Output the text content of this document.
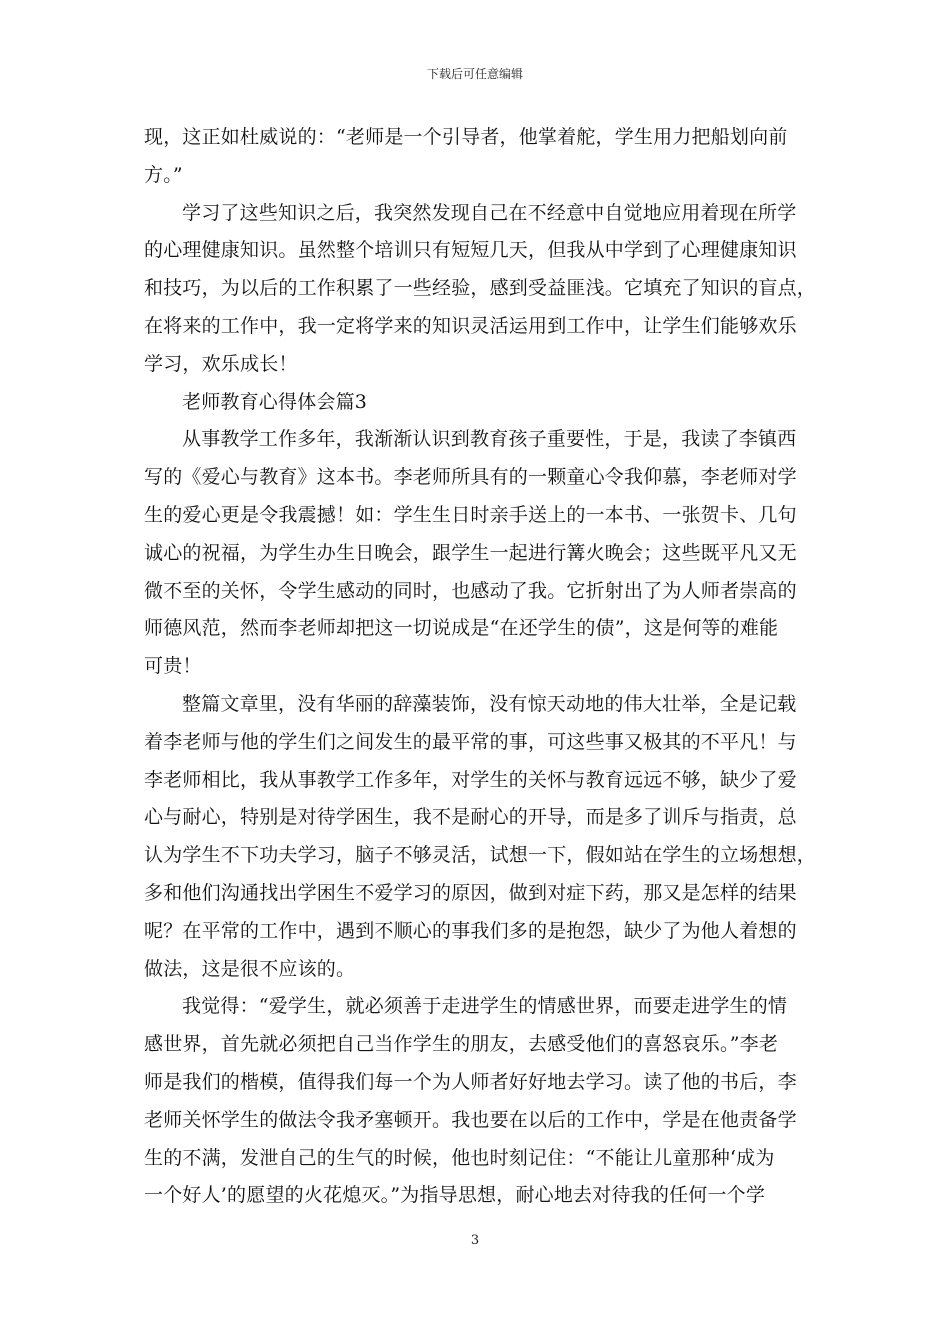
下载后可任意编辑
现，这正如杜威说的：“老师是一个引导者，他掌着舵，学生用力把船划向前
方。”
学习了这些知识之后，我突然发现自己在不经意中自觉地应用着现在所学
的心理健康知识。虽然整个培训只有短短几天，但我从中学到了心理健康知识
和技巧，为以后的工作积累了一些经验，感到受益匪浅。它填充了知识的盲点，
在将来的工作中，我一定将学来的知识灵活运用到工作中，让学生们能够欢乐
学习，欢乐成长！
老师教育心得体会篇3
从事教学工作多年，我渐渐认识到教育孩子重要性，于是，我读了李镇西
写的《爱心与教育》这本书。李老师所具有的一颗童心令我仰慕，李老师对学
生的爱心更是令我震撼！如：学生生日时亲手送上的一本书、一张贺卡、几句
诚心的祝福，为学生办生日晚会，跟学生一起进行篝火晚会；这些既平凡又无
微不至的关怀，令学生感动的同时，也感动了我。它折射出了为人师者崇高的
师德风范，然而李老师却把这一切说成是“在还学生的债”，这是何等的难能
可贵！
整篇文章里，没有华丽的辞藻装饰，没有惊天动地的伟大壮举，全是记载
着李老师与他的学生们之间发生的最平常的事，可这些事又极其的不平凡！与
李老师相比，我从事教学工作多年，对学生的关怀与教育远远不够，缺少了爱
心与耐心，特别是对待学困生，我不是耐心的开导，而是多了训斥与指责，总
认为学生不下功夫学习，脑子不够灵活，试想一下，假如站在学生的立场想想，
多和他们沟通找出学困生不爱学习的原因，做到对症下药，那又是怎样的结果
呢？在平常的工作中，遇到不顺心的事我们多的是抱怨，缺少了为他人着想的
做法，这是很不应该的。
我觉得：“爱学生，就必须善于走进学生的情感世界，而要走进学生的情
感世界，首先就必须把自己当作学生的朋友，去感受他们的喜怒哀乐。”李老
师是我们的楷模，值得我们每一个为人师者好好地去学习。读了他的书后，李
老师关怀学生的做法令我矛塞顿开。我也要在以后的工作中，学是在他责备学
生的不满，发泄自己的生气的时候，他也时刻记住：“不能让儿童那种‘成为
一个好人’的愿望的火花熄灭。”为指导思想，耐心地去对待我的任何一个学
3
